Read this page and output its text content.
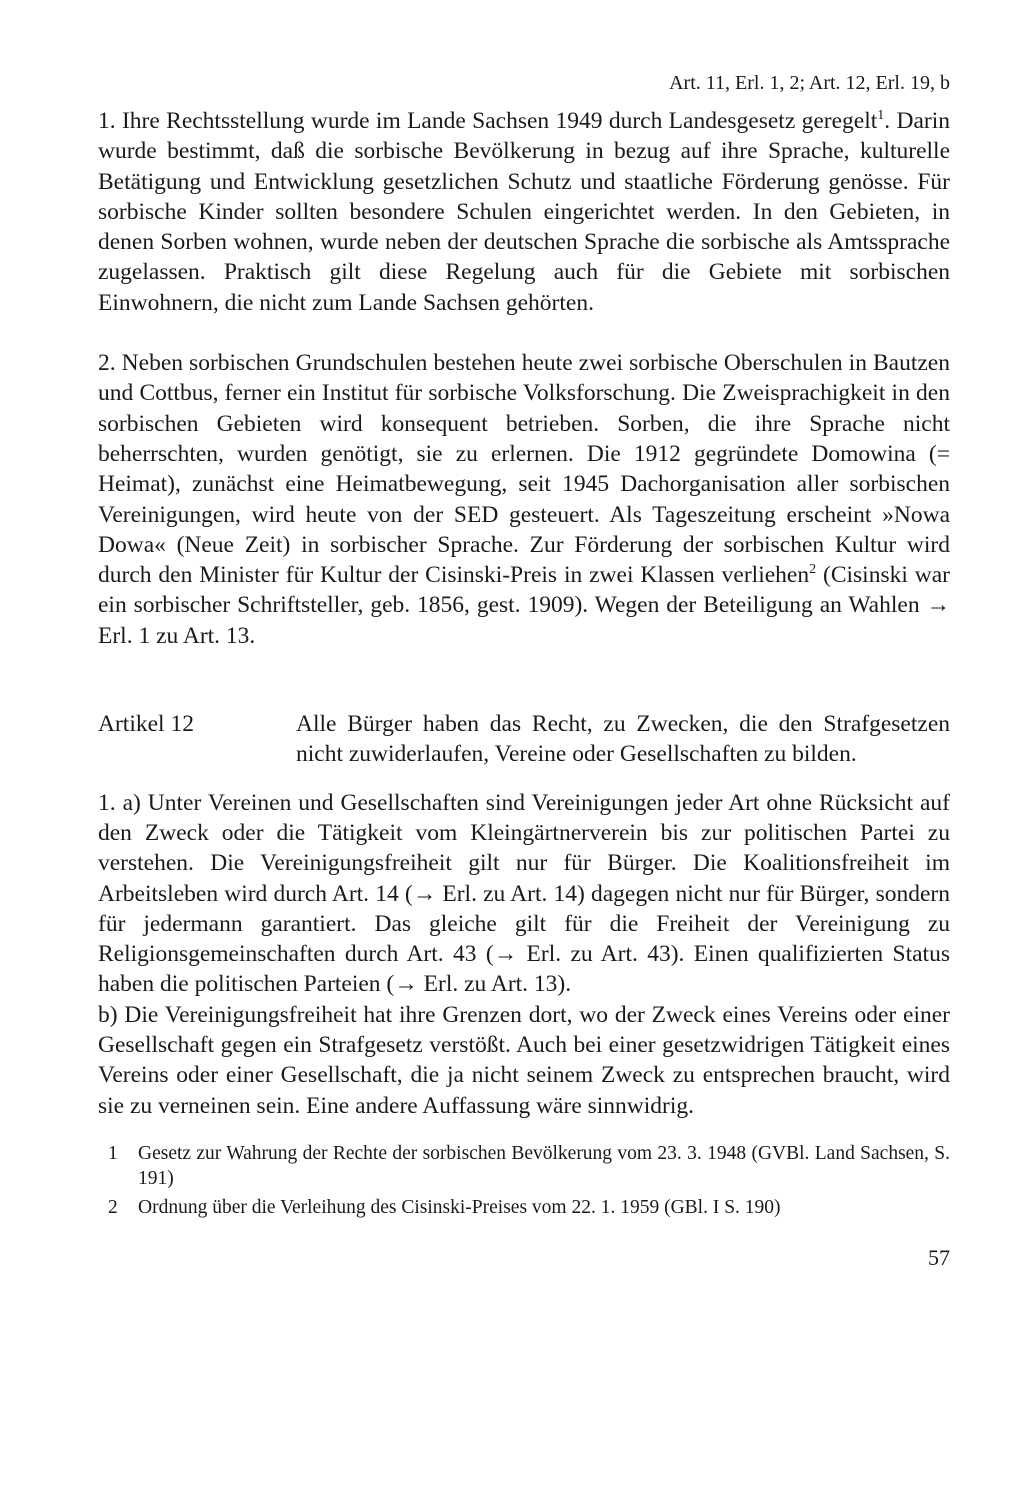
Art. 11, Erl. 1, 2; Art. 12, Erl. 19, b

1. Ihre Rechtsstellung wurde im Lande Sachsen 1949 durch Landesgesetz geregelt$^1$. Darin wurde bestimmt, daß die sorbische Bevölkerung in bezug auf ihre Sprache, kulturelle Betätigung und Entwicklung gesetzlichen Schutz und staatliche Förderung genösse. Für sorbische Kinder sollten besondere Schulen eingerichtet werden. In den Gebieten, in denen Sorben wohnen, wurde neben der deutschen Sprache die sorbische als Amtssprache zugelassen. Praktisch gilt diese Regelung auch für die Gebiete mit sorbischen Einwohnern, die nicht zum Lande Sachsen gehörten.

2. Neben sorbischen Grundschulen bestehen heute zwei sorbische Oberschulen in Bautzen und Cottbus, ferner ein Institut für sorbische Volksforschung. Die Zweisprachigkeit in den sorbischen Gebieten wird konsequent betrieben. Sorben, die ihre Sprache nicht beherrschten, wurden genötigt, sie zu erlernen. Die 1912 gegründete Domowina (= Heimat), zunächst eine Heimatbewegung, seit 1945 Dachorganisation aller sorbischen Vereinigungen, wird heute von der SED gesteuert. Als Tageszeitung erscheint »Nowa Dowa« (Neue Zeit) in sorbischer Sprache. Zur Förderung der sorbischen Kultur wird durch den Minister für Kultur der Cisinski-Preis in zwei Klassen verliehen$^2$ (Cisinski war ein sorbischer Schriftsteller, geb. 1856, gest. 1909). Wegen der Beteiligung an Wahlen → Erl. 1 zu Art. 13.

Artikel 12	Alle Bürger haben das Recht, zu Zwecken, die den Strafgesetzen nicht zuwiderlaufen, Vereine oder Gesellschaften zu bilden.

1. a) Unter Vereinen und Gesellschaften sind Vereinigungen jeder Art ohne Rücksicht auf den Zweck oder die Tätigkeit vom Kleingärtnerverein bis zur politischen Partei zu verstehen. Die Vereinigungsfreiheit gilt nur für Bürger. Die Koalitionsfreiheit im Arbeitsleben wird durch Art. 14 (→ Erl. zu Art. 14) dagegen nicht nur für Bürger, sondern für jedermann garantiert. Das gleiche gilt für die Freiheit der Vereinigung zu Religionsgemeinschaften durch Art. 43 (→ Erl. zu Art. 43). Einen qualifizierten Status haben die politischen Parteien (→ Erl. zu Art. 13).

b) Die Vereinigungsfreiheit hat ihre Grenzen dort, wo der Zweck eines Vereins oder einer Gesellschaft gegen ein Strafgesetz verstößt. Auch bei einer gesetzwidrigen Tätigkeit eines Vereins oder einer Gesellschaft, die ja nicht seinem Zweck zu entsprechen braucht, wird sie zu verneinen sein. Eine andere Auffassung wäre sinnwidrig.

1	Gesetz zur Wahrung der Rechte der sorbischen Bevölkerung vom 23. 3. 1948 (GVBl. Land Sachsen, S. 191)
2	Ordnung über die Verleihung des Cisinski-Preises vom 22. 1. 1959 (GBl. I S. 190)
57
